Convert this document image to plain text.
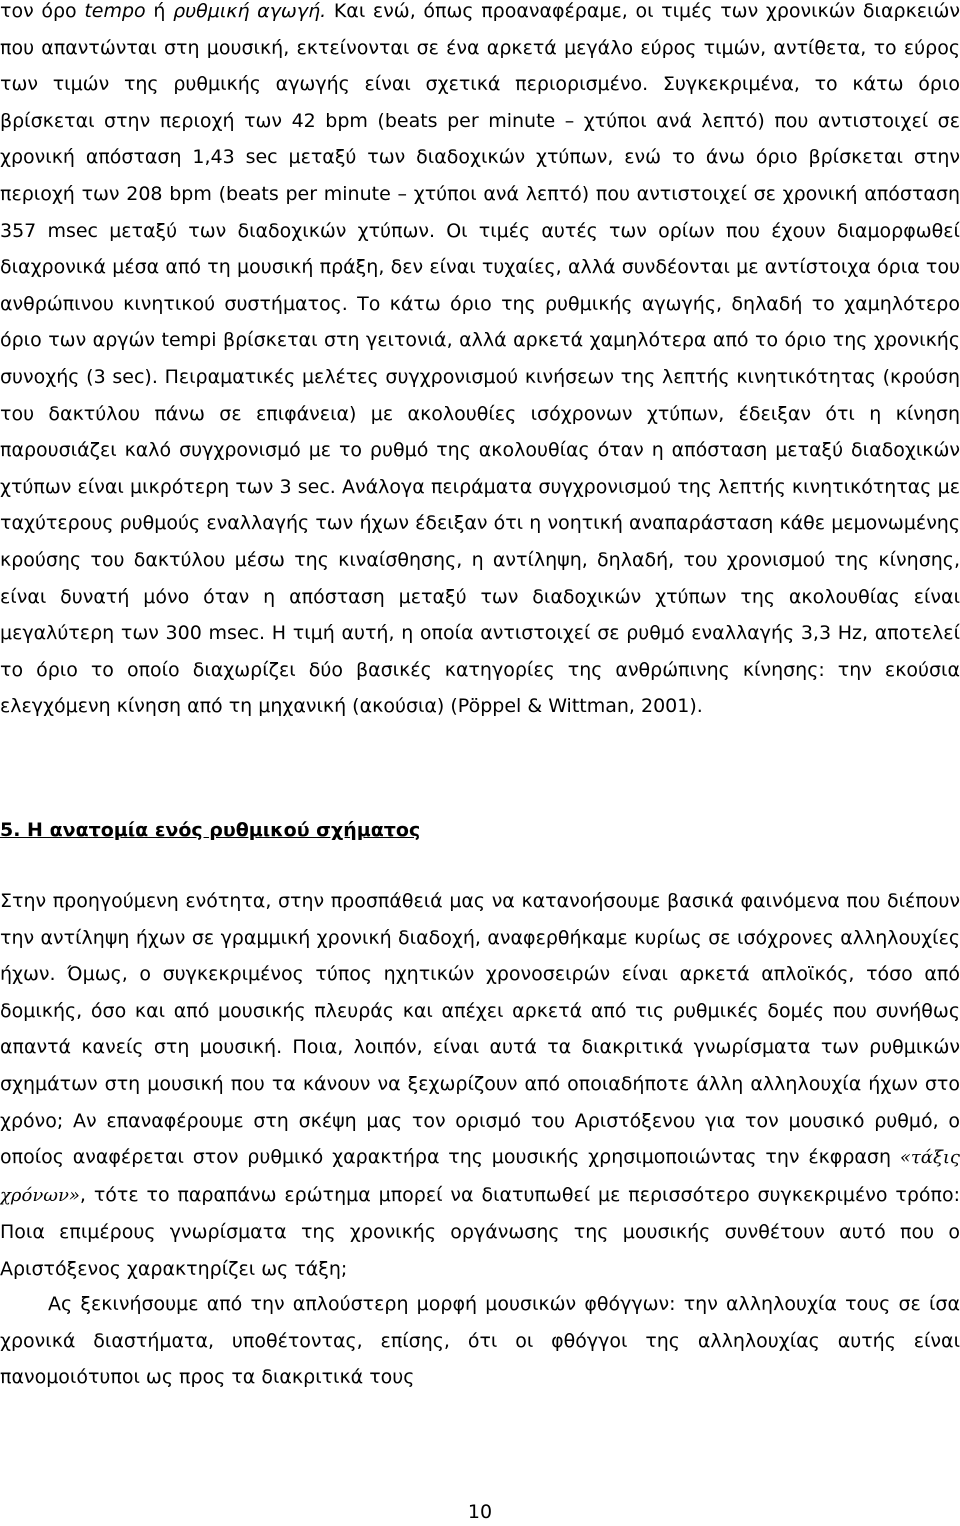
τον όρο tempo ή ρυθμική αγωγή. Και ενώ, όπως προαναφέραμε, οι τιμές των χρονικών διαρκειών που απαντώνται στη μουσική, εκτείνονται σε ένα αρκετά μεγάλο εύρος τιμών, αντίθετα, το εύρος των τιμών της ρυθμικής αγωγής είναι σχετικά περιορισμένο. Συγκεκριμένα, το κάτω όριο βρίσκεται στην περιοχή των 42 bpm (beats per minute – χτύποι ανά λεπτό) που αντιστοιχεί σε χρονική απόσταση 1,43 sec μεταξύ των διαδοχικών χτύπων, ενώ το άνω όριο βρίσκεται στην περιοχή των 208 bpm (beats per minute – χτύποι ανά λεπτό) που αντιστοιχεί σε χρονική απόσταση 357 msec μεταξύ των διαδοχικών χτύπων. Οι τιμές αυτές των ορίων που έχουν διαμορφωθεί διαχρονικά μέσα από τη μουσική πράξη, δεν είναι τυχαίες, αλλά συνδέονται με αντίστοιχα όρια του ανθρώπινου κινητικού συστήματος. Το κάτω όριο της ρυθμικής αγωγής, δηλαδή το χαμηλότερο όριο των αργών tempi βρίσκεται στη γειτονιά, αλλά αρκετά χαμηλότερα από το όριο της χρονικής συνοχής (3 sec). Πειραματικές μελέτες συγχρονισμού κινήσεων της λεπτής κινητικότητας (κρούση του δακτύλου πάνω σε επιφάνεια) με ακολουθίες ισόχρονων χτύπων, έδειξαν ότι η κίνηση παρουσιάζει καλό συγχρονισμό με το ρυθμό της ακολουθίας όταν η απόσταση μεταξύ διαδοχικών χτύπων είναι μικρότερη των 3 sec. Ανάλογα πειράματα συγχρονισμού της λεπτής κινητικότητας με ταχύτερους ρυθμούς εναλλαγής των ήχων έδειξαν ότι η νοητική αναπαράσταση κάθε μεμονωμένης κρούσης του δακτύλου μέσω της κιναίσθησης, η αντίληψη, δηλαδή, του χρονισμού της κίνησης, είναι δυνατή μόνο όταν η απόσταση μεταξύ των διαδοχικών χτύπων της ακολουθίας είναι μεγαλύτερη των 300 msec. Η τιμή αυτή, η οποία αντιστοιχεί σε ρυθμό εναλλαγής 3,3 Hz, αποτελεί το όριο το οποίο διαχωρίζει δύο βασικές κατηγορίες της ανθρώπινης κίνησης: την εκούσια ελεγχόμενη κίνηση από τη μηχανική (ακούσια) (Pöppel & Wittman, 2001).

5. Η ανατομία ενός ρυθμικού σχήματος

Στην προηγούμενη ενότητα, στην προσπάθειά μας να κατανοήσουμε βασικά φαινόμενα που διέπουν την αντίληψη ήχων σε γραμμική χρονική διαδοχή, αναφερθήκαμε κυρίως σε ισόχρονες αλληλουχίες ήχων. Όμως, ο συγκεκριμένος τύπος ηχητικών χρονοσειρών είναι αρκετά απλοϊκός, τόσο από δομικής, όσο και από μουσικής πλευράς και απέχει αρκετά από τις ρυθμικές δομές που συνήθως απαντά κανείς στη μουσική. Ποια, λοιπόν, είναι αυτά τα διακριτικά γνωρίσματα των ρυθμικών σχημάτων στη μουσική που τα κάνουν να ξεχωρίζουν από οποιαδήποτε άλλη αλληλουχία ήχων στο χρόνο; Αν επαναφέρουμε στη σκέψη μας τον ορισμό του Αριστόξενου για τον μουσικό ρυθμό, ο οποίος αναφέρεται στον ρυθμικό χαρακτήρα της μουσικής χρησιμοποιώντας την έκφραση «τάξις χρόνων», τότε το παραπάνω ερώτημα μπορεί να διατυπωθεί με περισσότερο συγκεκριμένο τρόπο: Ποια επιμέρους γνωρίσματα της χρονικής οργάνωσης της μουσικής συνθέτουν αυτό που ο Αριστόξενος χαρακτηρίζει ως τάξη;

Ας ξεκινήσουμε από την απλούστερη μορφή μουσικών φθόγγων: την αλληλουχία τους σε ίσα χρονικά διαστήματα, υποθέτοντας, επίσης, ότι οι φθόγγοι της αλληλουχίας αυτής είναι πανομοιότυποι ως προς τα διακριτικά τους

10
